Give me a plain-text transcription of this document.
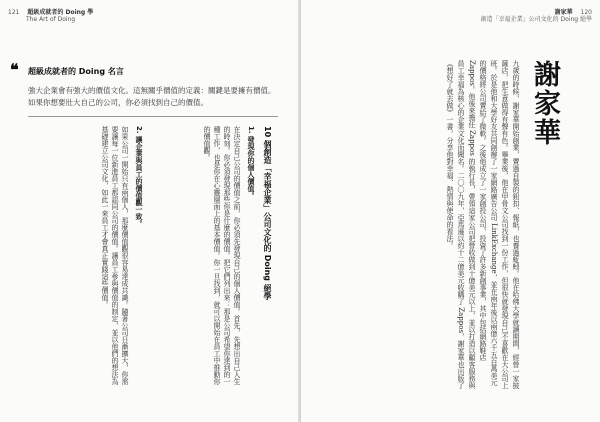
121 超級成就者的 Doing 學
The Art of Doing
❝ 超級成就者的 Doing 名言
強大企業會有強大的價值文化。這無關乎價值的定義：關鍵是要擁有價值。如果你想要壯大自己的公司，你必須找到自己的價值。
10 個創造「幸福企業」公司文化的 Doing 絕學
1. 發現你的個人價值。
在決定自己公司的價值之前，你必須先發現自己的個人價值。首先，先想出自己人生的時刻。你必須發現那些你是什麼的價值。把它們列出來：那是公司希望你達到的一種工作，也是你在心靈層面上的基本價值。你一旦找到，就可以開始在員工中推動你的價值觀。
2. 讓企業與員工的價值觀一致。
如果公司一開始只有兩個人，那麼價值觀很容易達成共識。隨著公司日漸擴大，你需要讓每一位新進員工都認同公司的價值。讓員工參與價值的制定，並以他們的想法為基礎建立公司文化，如此一來員工才會真正實踐這些價值。
謝家華 120
創造「幸福企業」公司文化的 Doing 絕學
謝家華
九歲的時候，謝家華開始創業，賣過自製的鈕扣、報紙，也養過蚯蚓。他在哈佛大學就讀期間，經營一家披薩店，把生意做得有聲有色。畢業後，他在甲骨文公司找到一份工作，但很快就發現自己不喜歡在大公司上班。於是他和大學好友共同創辦了一家網路廣告公司 LinkExchange，並在兩年後以兩億六千五百萬美元的價格將公司賣給了微軟。之後他成立了一家創投公司，投資了許多新創事業，其中包括網路鞋店 Zappos。他後來擔任 Zappos 的執行長，帶領這家公司把營收做到十億美元以上，並以打造以顧客服務與員工幸福為核心的企業文化而聞名。二〇〇九年，亞馬遜以約十二億美元收購了 Zappos，謝家華也出版了《想好了就去做》一書，分享他對幸福、熱情與使命的看法。
